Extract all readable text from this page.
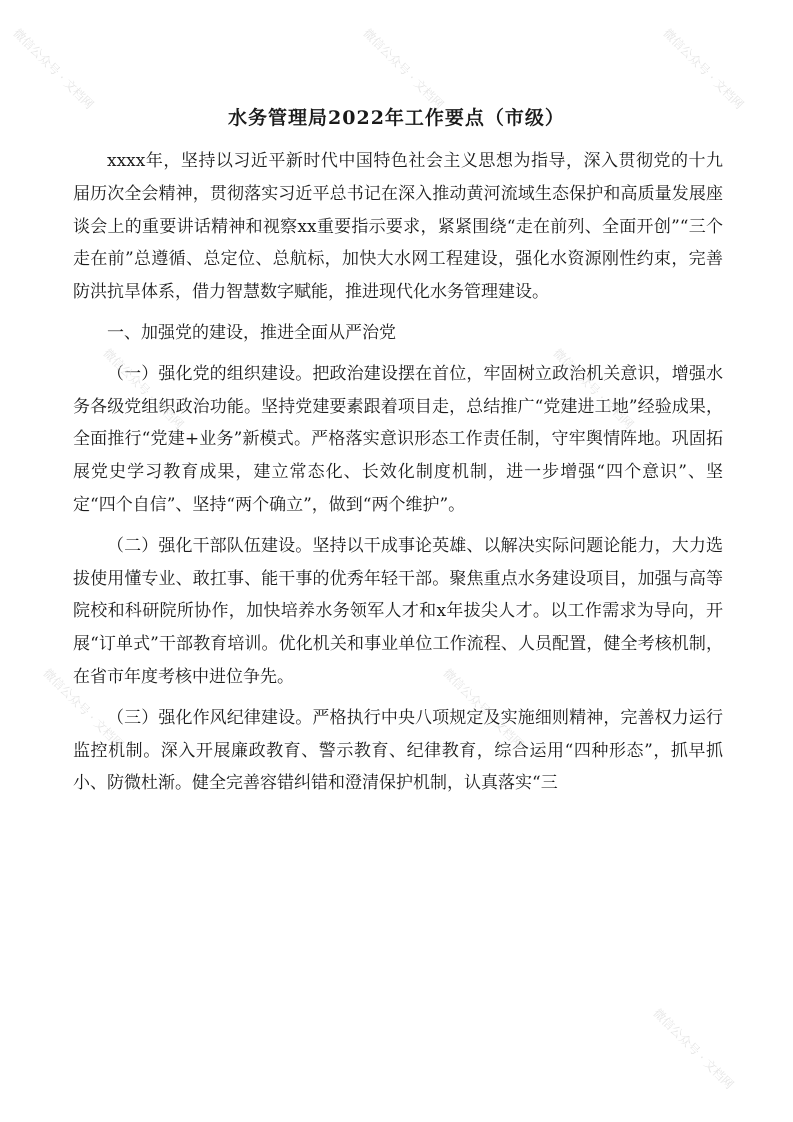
水务管理局2022年工作要点（市级）

xxxx年，坚持以习近平新时代中国特色社会主义思想为指导，深入贯彻党的十九届历次全会精神，贯彻落实习近平总书记在深入推动黄河流域生态保护和高质量发展座谈会上的重要讲话精神和视察xx重要指示要求，紧紧围绕“走在前列、全面开创”“三个走在前”总遵循、总定位、总航标，加快大水网工程建设，强化水资源刚性约束，完善防洪抗旱体系，借力智慧数字赋能，推进现代化水务管理建设。

一、加强党的建设，推进全面从严治党

（一）强化党的组织建设。把政治建设摆在首位，牢固树立政治机关意识，增强水务各级党组织政治功能。坚持党建要素跟着项目走，总结推广“党建进工地”经验成果，全面推行“党建+业务”新模式。严格落实意识形态工作责任制，守牢舆情阵地。巩固拓展党史学习教育成果，建立常态化、长效化制度机制，进一步增强“四个意识”、坚定“四个自信”、坚持“两个确立”，做到“两个维护”。

（二）强化干部队伍建设。坚持以干成事论英雄、以解决实际问题论能力，大力选拔使用懂专业、敢扛事、能干事的优秀年轻干部。聚焦重点水务建设项目，加强与高等院校和科研院所协作，加快培养水务领军人才和x年拔尖人才。以工作需求为导向，开展“订单式”干部教育培训。优化机关和事业单位工作流程、人员配置，健全考核机制，在省市年度考核中进位争先。

（三）强化作风纪律建设。严格执行中央八项规定及实施细则精神，完善权力运行监控机制。深入开展廉政教育、警示教育、纪律教育，综合运用“四种形态”，抓早抓小、防微杜渐。健全完善容错纠错和澄清保护机制，认真落实“三

微信公众号 · 文档网	微信公众号 · 文档网	微信公众号 · 文档网
微信公众号 · 文档网	微信公众号 · 文档网
微信公众号 · 文档网	微信公众号 · 文档网
微信公众号 · 文档网
